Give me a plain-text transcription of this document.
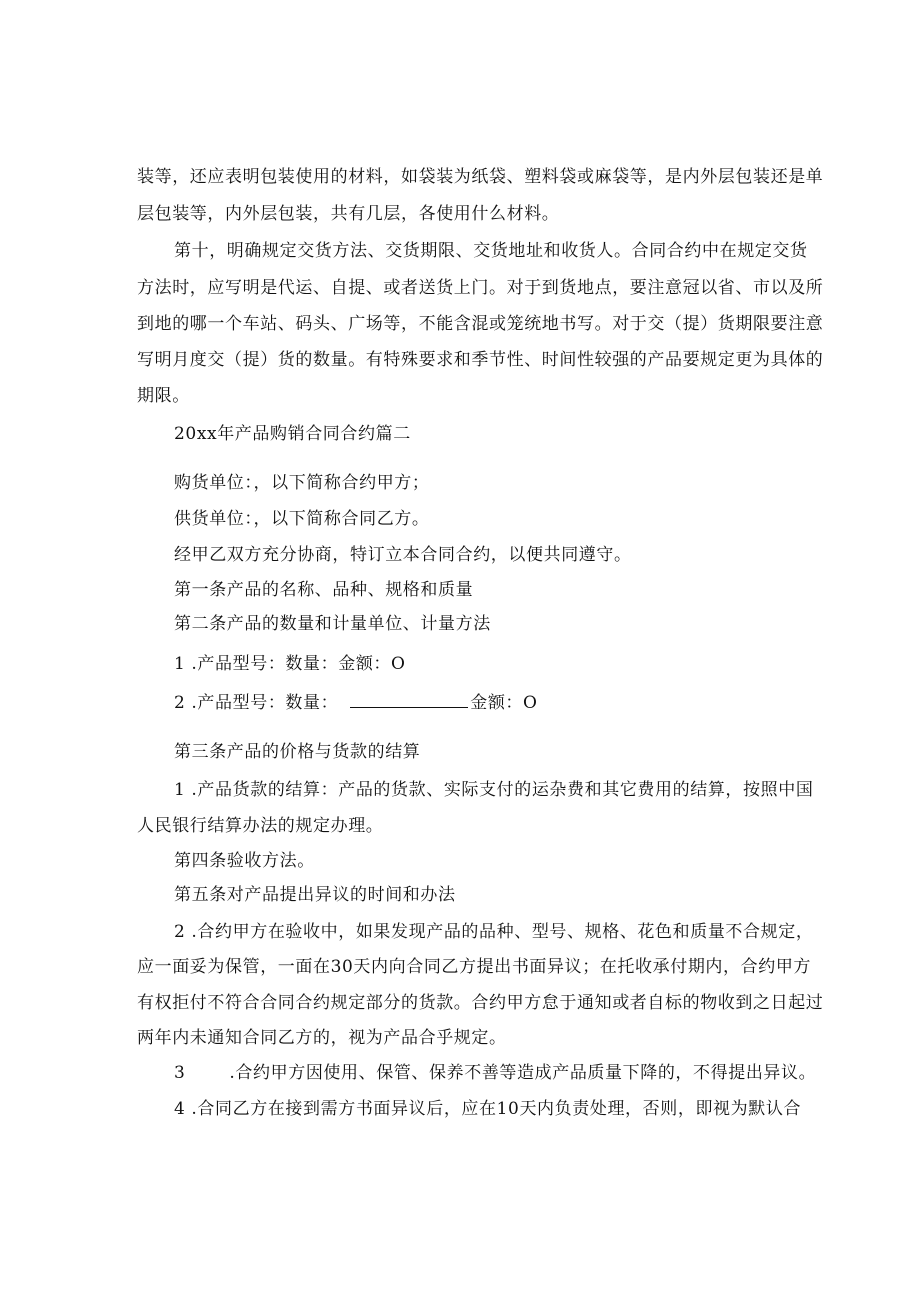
装等，还应表明包装使用的材料，如袋装为纸袋、塑料袋或麻袋等，是内外层包装还是单
层包装等，内外层包装，共有几层，各使用什么材料。
第十，明确规定交货方法、交货期限、交货地址和收货人。合同合约中在规定交货
方法时，应写明是代运、自提、或者送货上门。对于到货地点，要注意冠以省、市以及所
到地的哪一个车站、码头、广场等，不能含混或笼统地书写。对于交（提）货期限要注意
写明月度交（提）货的数量。有特殊要求和季节性、时间性较强的产品要规定更为具体的
期限。
20xx年产品购销合同合约篇二
购货单位：，以下简称合约甲方；
供货单位：，以下简称合同乙方。
经甲乙双方充分协商，特订立本合同合约，以便共同遵守。
第一条产品的名称、品种、规格和质量
第二条产品的数量和计量单位、计量方法
1 .产品型号：数量：金额：O
2 .产品型号：数量：	金额：O
第三条产品的价格与货款的结算
1 .产品货款的结算：产品的货款、实际支付的运杂费和其它费用的结算，按照中国
人民银行结算办法的规定办理。
第四条验收方法。
第五条对产品提出异议的时间和办法
2 .合约甲方在验收中，如果发现产品的品种、型号、规格、花色和质量不合规定，
应一面妥为保管，一面在30天内向合同乙方提出书面异议；在托收承付期内，合约甲方
有权拒付不符合合同合约规定部分的货款。合约甲方怠于通知或者自标的物收到之日起过
两年内未通知合同乙方的，视为产品合乎规定。
3	.合约甲方因使用、保管、保养不善等造成产品质量下降的，不得提出异议。
4 .合同乙方在接到需方书面异议后，应在10天内负责处理，否则，即视为默认合
